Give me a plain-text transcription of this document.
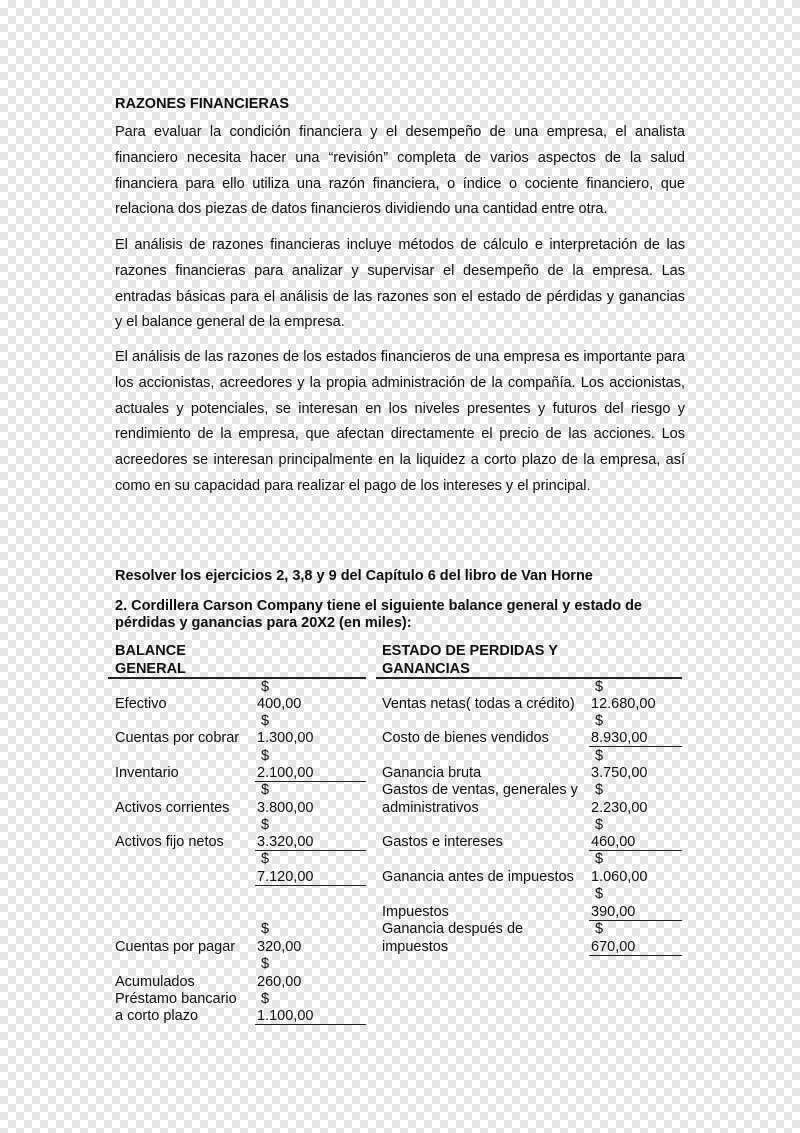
RAZONES FINANCIERAS

Para evaluar la condición financiera y el desempeño de una empresa, el analista financiero necesita hacer una “revisión” completa de varios aspectos de la salud financiera para ello utiliza una razón financiera, o índice o cociente financiero, que relaciona dos piezas de datos financieros dividiendo una cantidad entre otra.

El análisis de razones financieras incluye métodos de cálculo e interpretación de las razones financieras para analizar y supervisar el desempeño de la empresa. Las entradas básicas para el análisis de las razones son el estado de pérdidas y ganancias y el balance general de la empresa.

El análisis de las razones de los estados financieros de una empresa es importante para los accionistas, acreedores y la propia administración de la compañía. Los accionistas, actuales y potenciales, se interesan en los niveles presentes y futuros del riesgo y rendimiento de la empresa, que afectan directamente el precio de las acciones. Los acreedores se interesan principalmente en la liquidez a corto plazo de la empresa, así como en su capacidad para realizar el pago de los intereses y el principal.

Resolver los ejercicios 2, 3,8 y 9 del Capítulo 6 del libro de Van Horne
2. Cordillera Carson Company tiene el siguiente balance general y estado de pérdidas y ganancias para 20X2 (en miles):
BALANCE
GENERAL
$
Efectivo	400,00
$
Cuentas por cobrar 1.300,00
$
Inventario	2.100,00
$
Activos corrientes 3.800,00
$
Activos fijo netos 3.320,00
$
7.120,00
$
Cuentas por pagar 320,00
$
Acumulados	260,00
Préstamo bancario $
a corto plazo	1.100,00
ESTADO DE PERDIDAS Y
GANANCIAS
$
Ventas netas( todas a crédito) 12.680,00
$
Costo de bienes vendidos	8.930,00
$
Ganancia bruta	3.750,00
Gastos de ventas, generales y $
administrativos	2.230,00
$
Gastos e intereses	460,00
$
Ganancia antes de impuestos 1.060,00
$
Impuestos	390,00
Ganancia después de	$
impuestos	670,00
